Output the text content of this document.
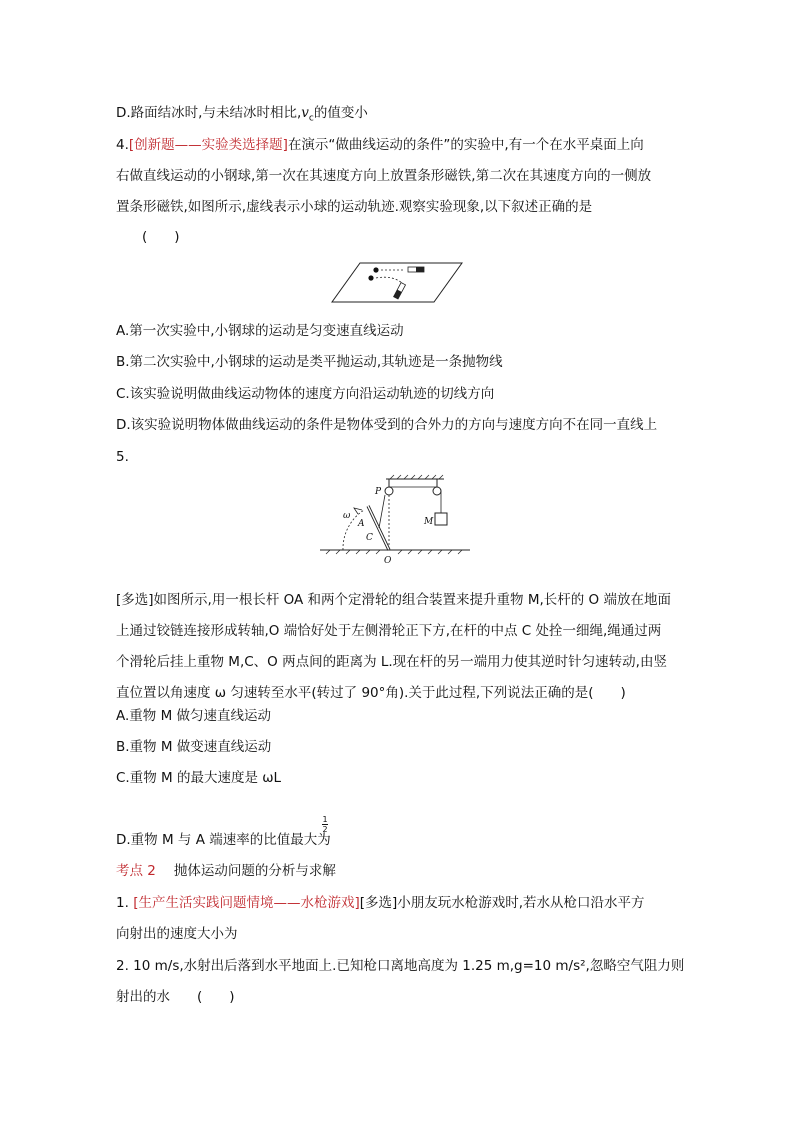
D.路面结冰时,与未结冰时相比$,v_c$的值变小
4.[创新题——实验类选择题]在演示“做曲线运动的条件”的实验中,有一个在水平桌面上向
右做直线运动的小钢球,第一次在其速度方向上放置条形磁铁,第二次在其速度方向的一侧放
置条形磁铁,如图所示,虚线表示小球的运动轨迹.观察实验现象,以下叙述正确的是
(　　)
A.第一次实验中,小钢球的运动是匀变速直线运动
B.第二次实验中,小钢球的运动是类平抛运动,其轨迹是一条抛物线
C.该实验说明做曲线运动物体的速度方向沿运动轨迹的切线方向
D.该实验说明物体做曲线运动的条件是物体受到的合外力的方向与速度方向不在同一直线上
5.
P
ω
A
C
O
M
[多选]如图所示,用一根长杆 OA 和两个定滑轮的组合装置来提升重物 M,长杆的 O 端放在地面
上通过铰链连接形成转轴,O 端恰好处于左侧滑轮正下方,在杆的中点 C 处拴一细绳,绳通过两
个滑轮后挂上重物 M,C、O 两点间的距离为 L.现在杆的另一端用力使其逆时针匀速转动,由竖
直位置以角速度 ω 匀速转至水平(转过了 90°角).关于此过程,下列说法正确的是(　　)
A.重物 M 做匀速直线运动
B.重物 M 做变速直线运动
C.重物 M 的最大速度是 ωL
D.重物 M 与 A 端速率的比值最大为
1
2
考点 2 抛体运动问题的分析与求解
1. [生产生活实践问题情境——水枪游戏][多选]小朋友玩水枪游戏时,若水从枪口沿水平方
向射出的速度大小为
2. 10 m/s,水射出后落到水平地面上.已知枪口离地高度为 1.25 m,g=10 m/s²,忽略空气阻力则
射出的水　　(　　)
